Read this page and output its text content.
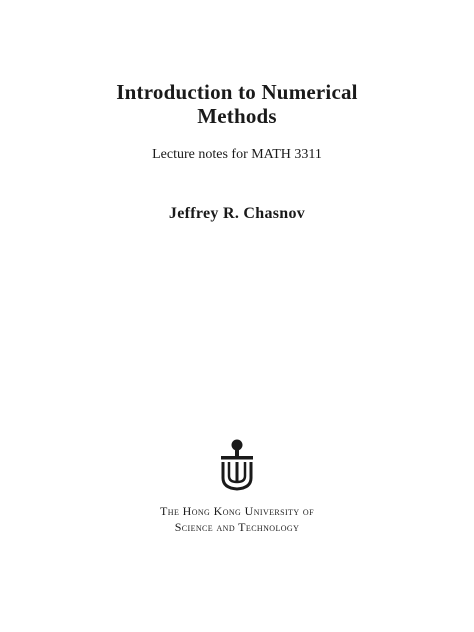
Introduction to Numerical
Methods
Lecture notes for MATH 3311
Jeffrey R. Chasnov
The Hong Kong University of
Science and Technology
